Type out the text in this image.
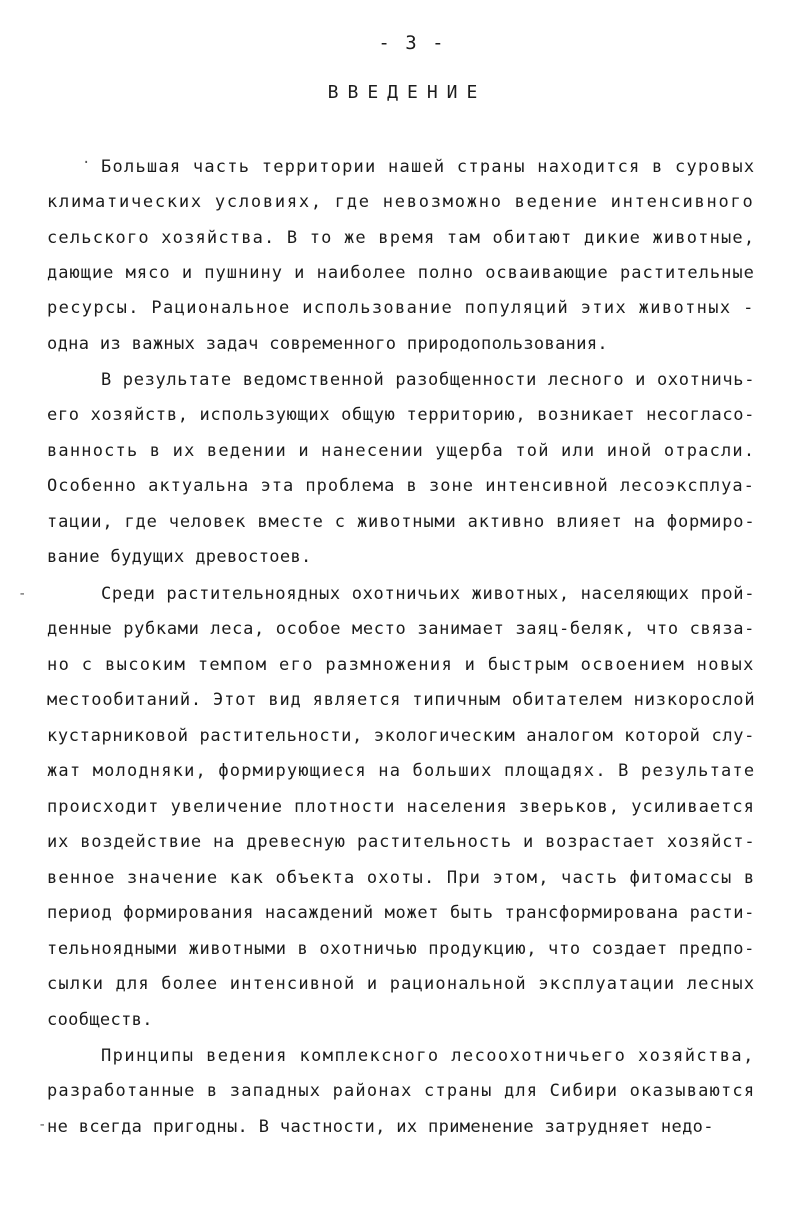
- 3 -
ВВЕДЕНИЕ
Большая часть территории нашей страны находится в суровых
климатических условиях, где невозможно ведение интенсивного
сельского хозяйства. В то же время там обитают дикие животные,
дающие мясо и пушнину и наиболее полно осваивающие растительные
ресурсы. Рациональное использование популяций этих животных -
одна из важных задач современного природопользования.
В результате ведомственной разобщенности лесного и охотничь-
его хозяйств, использующих общую территорию, возникает несогласо-
ванность в их ведении и нанесении ущерба той или иной отрасли.
Особенно актуальна эта проблема в зоне интенсивной лесоэксплуа-
тации, где человек вместе с животными активно влияет на формиро-
вание будущих древостоев.
Среди растительноядных охотничьих животных, населяющих прой-
денные рубками леса, особое место занимает заяц-беляк, что связа-
но с высоким темпом его размножения и быстрым освоением новых
местообитаний. Этот вид является типичным обитателем низкорослой
кустарниковой растительности, экологическим аналогом которой слу-
жат молодняки, формирующиеся на больших площадях. В результате
происходит увеличение плотности населения зверьков, усиливается
их воздействие на древесную растительность и возрастает хозяйст-
венное значение как объекта охоты. При этом, часть фитомассы в
период формирования насаждений может быть трансформирована расти-
тельноядными животными в охотничью продукцию, что создает предпо-
сылки для более интенсивной и рациональной эксплуатации лесных
сообществ.
Принципы ведения комплексного лесоохотничьего хозяйства,
разработанные в западных районах страны для Сибири оказываются
не всегда пригодны. В частности, их применение затрудняет недо-
·
-
-
